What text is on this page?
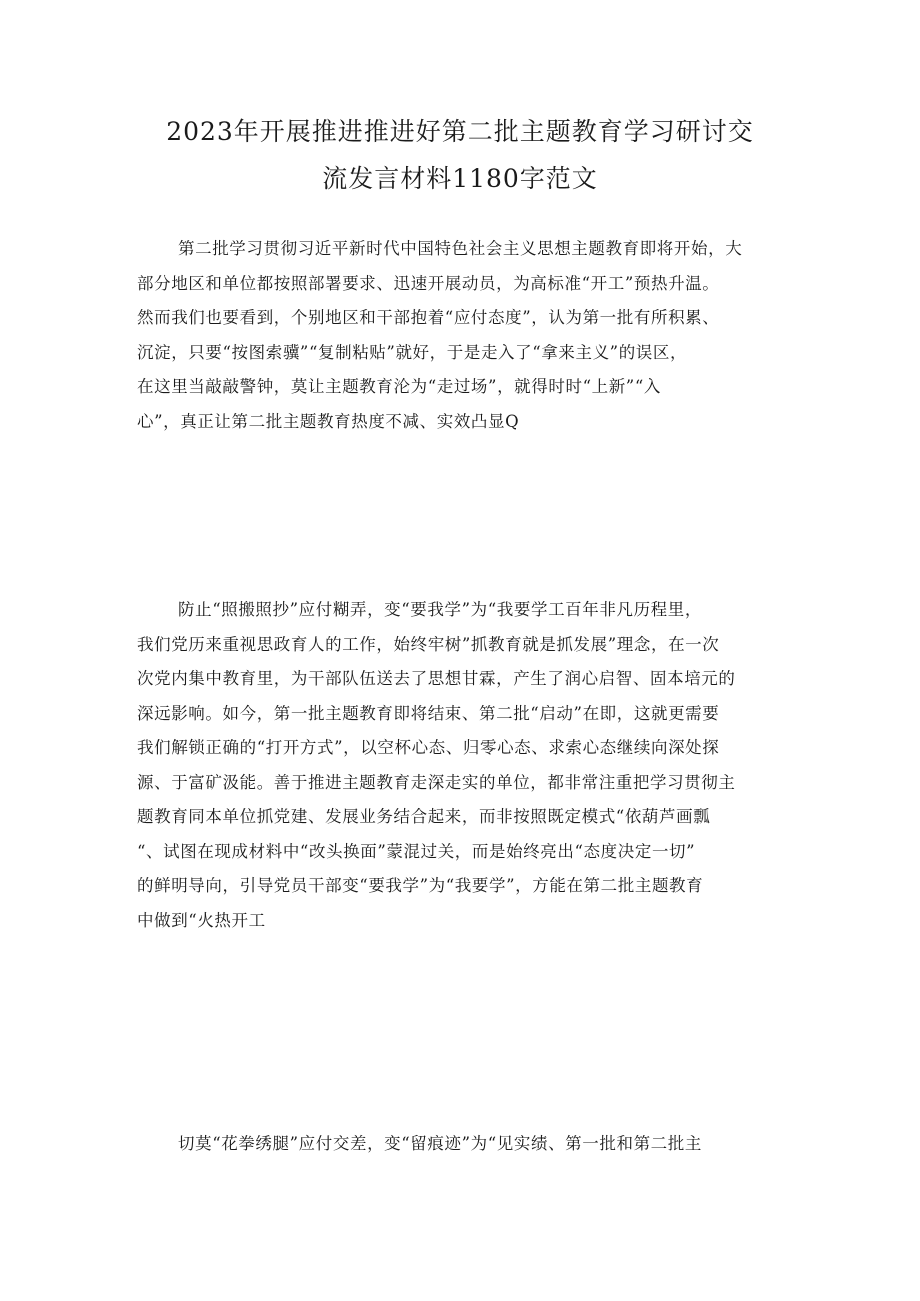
2023年开展推进推进好第二批主题教育学习研讨交
流发言材料1180字范文
第二批学习贯彻习近平新时代中国特色社会主义思想主题教育即将开始，大
部分地区和单位都按照部署要求、迅速开展动员，为高标准“开工”预热升温。
然而我们也要看到，个别地区和干部抱着“应付态度”，认为第一批有所积累、
沉淀，只要“按图索骥”“复制粘贴”就好，于是走入了“拿来主义”的误区，
在这里当敲敲警钟，莫让主题教育沦为“走过场”，就得时时“上新”“入
心”，真正让第二批主题教育热度不减、实效凸显Q
防止“照搬照抄”应付糊弄，变“要我学”为“我要学工百年非凡历程里，
我们党历来重视思政育人的工作，始终牢树”抓教育就是抓发展”理念，在一次
次党内集中教育里，为干部队伍送去了思想甘霖，产生了润心启智、固本培元的
深远影响。如今，第一批主题教育即将结束、第二批“启动”在即，这就更需要
我们解锁正确的“打开方式”，以空杯心态、归零心态、求索心态继续向深处探
源、于富矿汲能。善于推进主题教育走深走实的单位，都非常注重把学习贯彻主
题教育同本单位抓党建、发展业务结合起来，而非按照既定模式“依葫芦画瓢
“、试图在现成材料中“改头换面”蒙混过关，而是始终亮出“态度决定一切”
的鲜明导向，引导党员干部变“要我学”为“我要学”，方能在第二批主题教育
中做到“火热开工
切莫“花拳绣腿”应付交差，变“留痕迹”为“见实绩、第一批和第二批主
